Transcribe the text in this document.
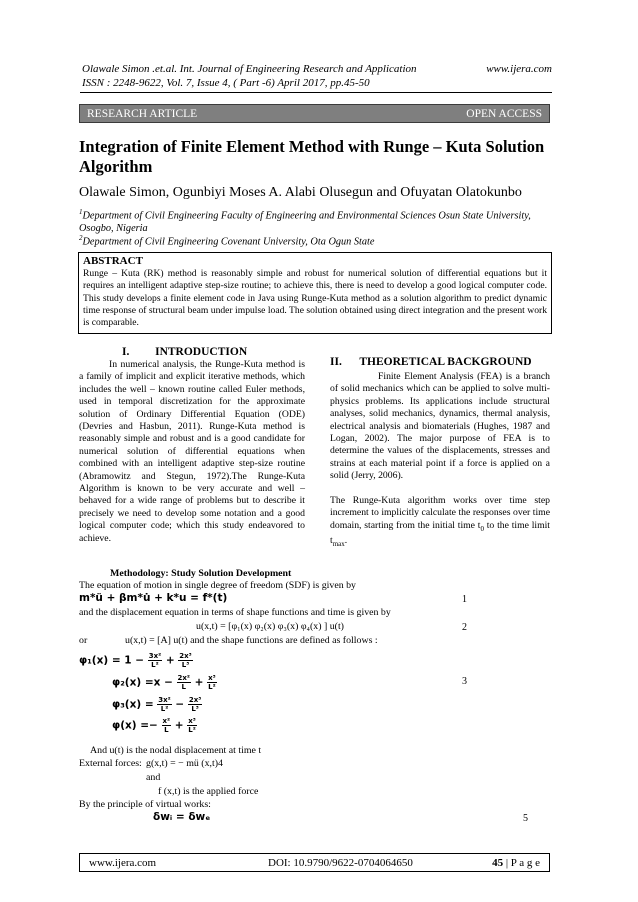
Olawale Simon .et.al. Int. Journal of Engineering Research and Application	www.ijera.com
ISSN : 2248-9622, Vol. 7, Issue 4, ( Part -6) April 2017, pp.45-50
RESEARCH ARTICLE	OPEN ACCESS
Integration of Finite Element Method with Runge – Kuta Solution
Algorithm
Olawale Simon, Ogunbiyi Moses A. Alabi Olusegun and Ofuyatan Olatokunbo
$^1$Department of Civil Engineering Faculty of Engineering and Environmental Sciences Osun State University,
Osogbo, Nigeria
$^2$Department of Civil Engineering Covenant University, Ota Ogun State
ABSTRACT
Runge – Kuta (RK) method is reasonably simple and robust for numerical solution of differential equations but it requires an intelligent adaptive step-size routine; to achieve this, there is need to develop a good logical computer code. This study develops a finite element code in Java using Runge-Kuta method as a solution algorithm to predict dynamic time response of structural beam under impulse load. The solution obtained using direct integration and the present work is comparable.
I. INTRODUCTION
In numerical analysis, the Runge-Kuta method is a family of implicit and explicit iterative methods, which includes the well – known routine called Euler methods, used in temporal discretization for the approximate solution of Ordinary Differential Equation (ODE) (Devries and Hasbun, 2011). Runge-Kuta method is reasonably simple and robust and is a good candidate for numerical solution of differential equations when combined with an intelligent adaptive step-size routine (Abramowitz and Stegun, 1972).The Runge-Kuta Algorithm is known to be very accurate and well – behaved for a wide range of problems but to describe it precisely we need to develop some notation and a good logical computer code; which this study endeavored to achieve.
II. THEORETICAL BACKGROUND
Finite Element Analysis (FEA) is a branch of solid mechanics which can be applied to solve multi-physics problems. Its applications include structural analyses, solid mechanics, dynamics, thermal analysis, electrical analysis and biomaterials (Hughes, 1987 and Logan, 2002). The major purpose of FEA is to determine the values of the displacements, stresses and strains at each material point if a force is applied on a solid (Jerry, 2006).
The Runge-Kuta algorithm works over time step increment to implicitly calculate the responses over time domain, starting from the initial time $t_0$ to the time limit $t_{max}$.
Methodology: Study Solution Development
The equation of motion in single degree of freedom (SDF) is given by
m*ü + βm*u̇ + k*u = f*(t)	1
and the displacement equation in terms of shape functions and time is given by
u(x,t) = [φ₁(x) φ₂(x) φ₃(x) φ₄(x) ] u(t)	2
or	u(x,t) = [A] u(t) and the shape functions are defined as follows :
$\varphi_1(x) = 1 - \frac{\text{3x²}}{\text{L²}} + \frac{\text{2x³}}{\text{L³}}$
$\varphi_2(x) =x - \frac{\text{2x²}}{L} + \frac{\text{x³}}{\text{L²}}$	3
$\varphi_3(x) = \frac{\text{3x²}}{\text{L²}} - \frac{\text{2x³}}{\text{L³}}$
$\varphi(x) =- \frac{\text{x²}}{L} + \frac{\text{x³}}{\text{L²}}$
And u(t) is the nodal displacement at time t
External forces: g(x,t) = − mü (x,t)4
and
f (x,t) is the applied force
By the principle of virtual works:
δwᵢ = δwₑ	5
www.ijera.com	DOI: 10.9790/9622-0704064650	45 | P a g e
